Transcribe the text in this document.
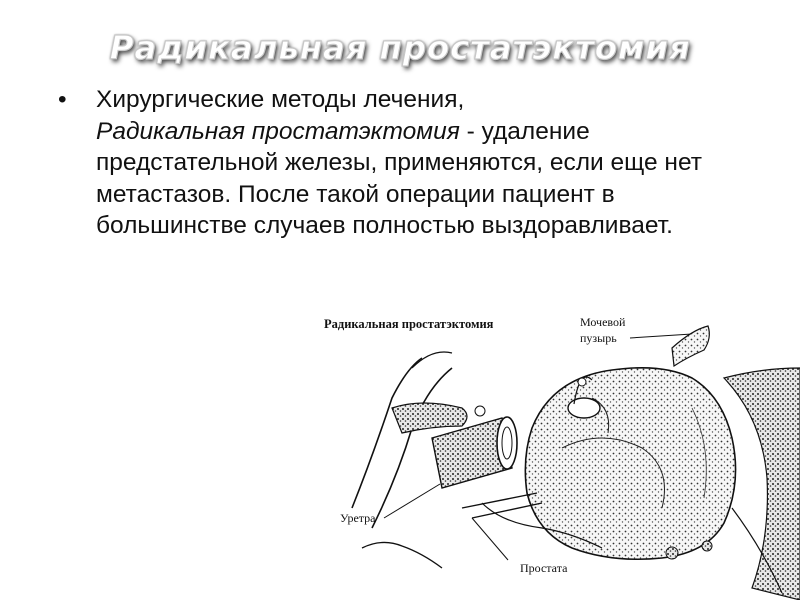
Радикальная простатэктомия
• Хирургические методы лечения,
Радикальная простатэктомия - удаление предстательной железы, применяются, если еще нет метастазов. После такой операции пациент в большинстве случаев полностью выздоравливает.
Радикальная простатэктомия	Мочевой
пузырь
Уретра
Простата
